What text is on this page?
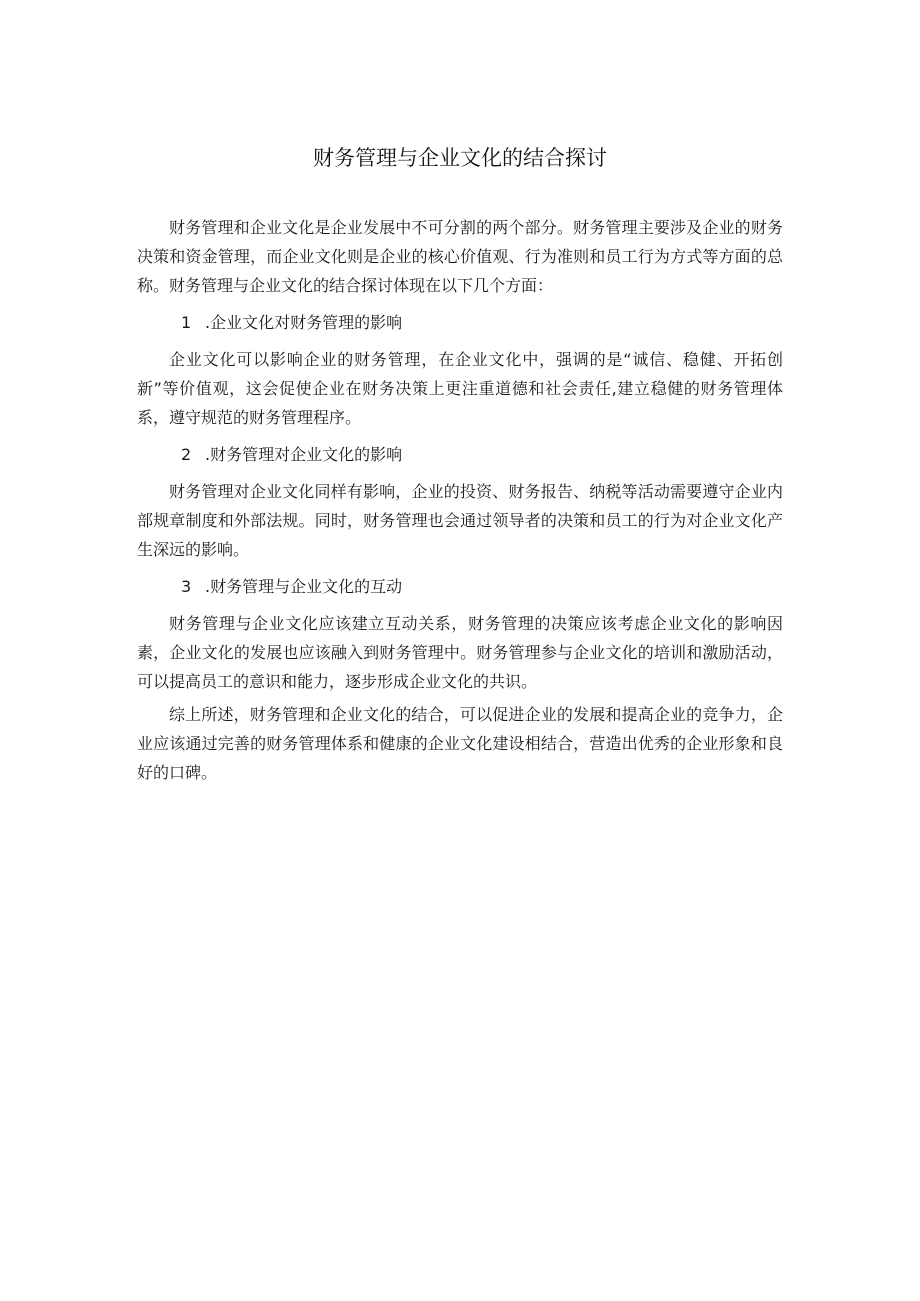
财务管理与企业文化的结合探讨

财务管理和企业文化是企业发展中不可分割的两个部分。财务管理主要涉及企业的财务决策和资金管理，而企业文化则是企业的核心价值观、行为准则和员工行为方式等方面的总称。财务管理与企业文化的结合探讨体现在以下几个方面：

1 .企业文化对财务管理的影响

企业文化可以影响企业的财务管理，在企业文化中，强调的是“诚信、稳健、开拓创新”等价值观，这会促使企业在财务决策上更注重道德和社会责任,建立稳健的财务管理体系，遵守规范的财务管理程序。

2 .财务管理对企业文化的影响

财务管理对企业文化同样有影响，企业的投资、财务报告、纳税等活动需要遵守企业内部规章制度和外部法规。同时，财务管理也会通过领导者的决策和员工的行为对企业文化产生深远的影响。

3 .财务管理与企业文化的互动

财务管理与企业文化应该建立互动关系，财务管理的决策应该考虑企业文化的影响因素，企业文化的发展也应该融入到财务管理中。财务管理参与企业文化的培训和激励活动，可以提高员工的意识和能力，逐步形成企业文化的共识。

综上所述，财务管理和企业文化的结合，可以促进企业的发展和提高企业的竞争力，企业应该通过完善的财务管理体系和健康的企业文化建设相结合，营造出优秀的企业形象和良好的口碑。
